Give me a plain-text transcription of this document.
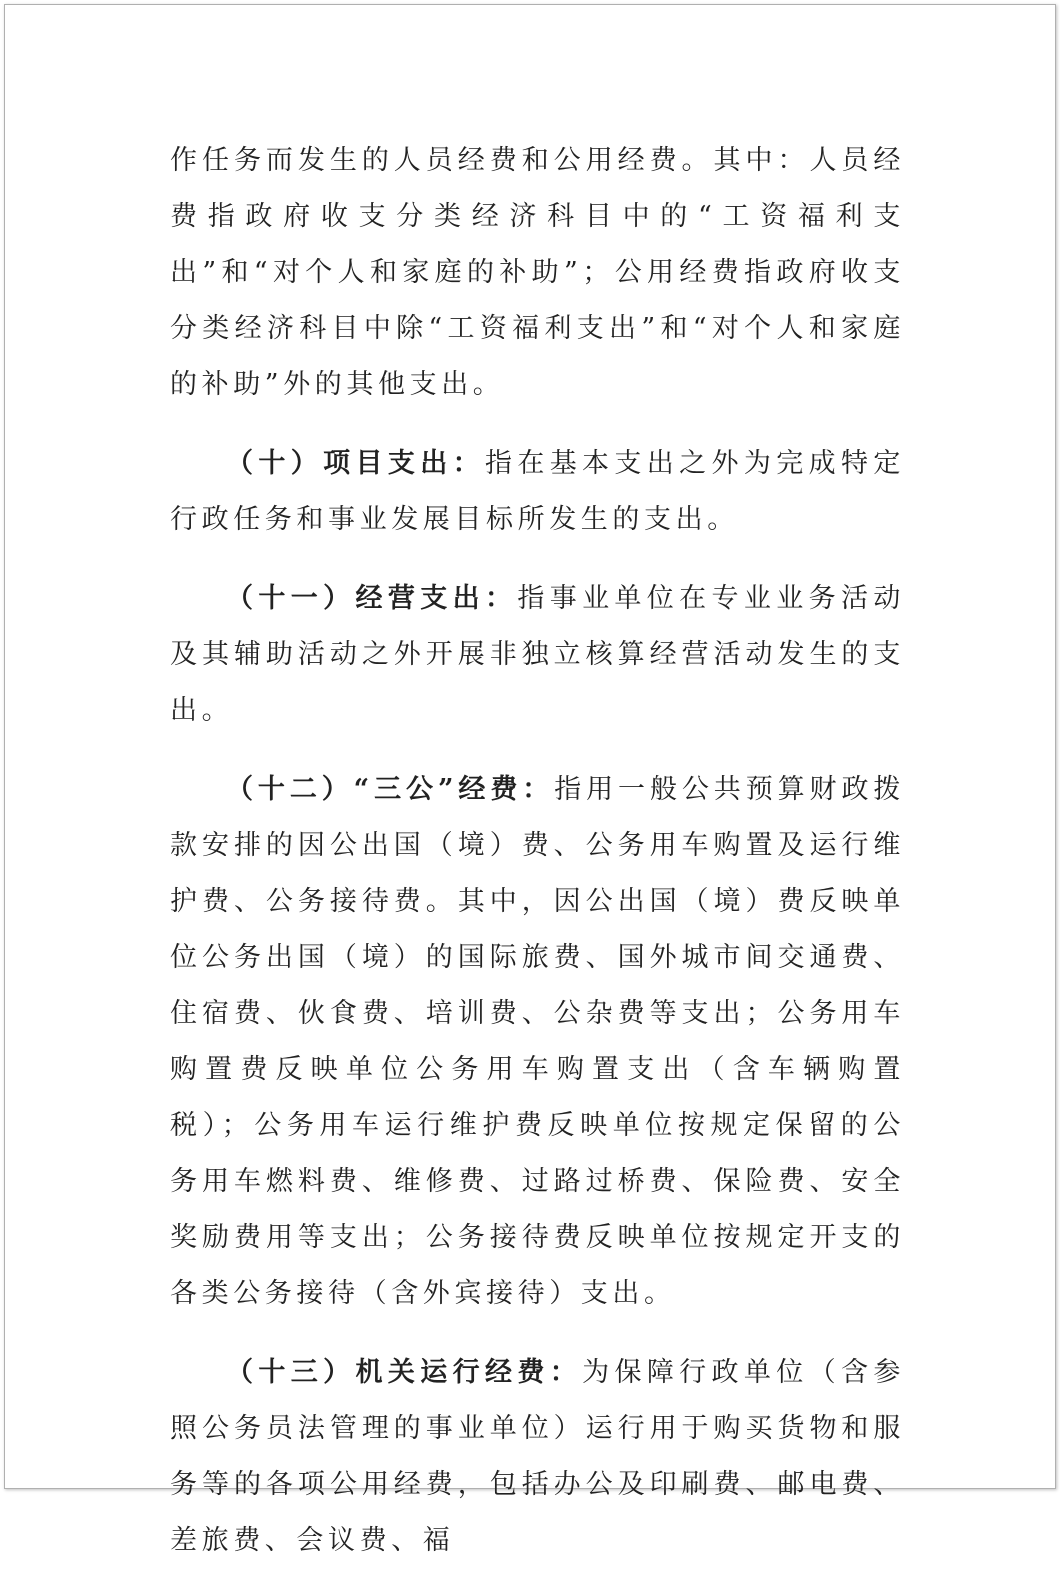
作任务而发生的人员经费和公用经费。其中：人员经费指政府收支分类经济科目中的“工资福利支出”和“对个人和家庭的补助”；公用经费指政府收支分类经济科目中除“工资福利支出”和“对个人和家庭的补助”外的其他支出。

（十）项目支出：指在基本支出之外为完成特定行政任务和事业发展目标所发生的支出。

（十一）经营支出：指事业单位在专业业务活动及其辅助活动之外开展非独立核算经营活动发生的支出。

（十二）“三公”经费：指用一般公共预算财政拨款安排的因公出国（境）费、公务用车购置及运行维护费、公务接待费。其中，因公出国（境）费反映单位公务出国（境）的国际旅费、国外城市间交通费、住宿费、伙食费、培训费、公杂费等支出；公务用车购置费反映单位公务用车购置支出（含车辆购置税）；公务用车运行维护费反映单位按规定保留的公务用车燃料费、维修费、过路过桥费、保险费、安全奖励费用等支出；公务接待费反映单位按规定开支的各类公务接待（含外宾接待）支出。

（十三）机关运行经费：为保障行政单位（含参照公务员法管理的事业单位）运行用于购买货物和服务等的各项公用经费，包括办公及印刷费、邮电费、差旅费、会议费、福
